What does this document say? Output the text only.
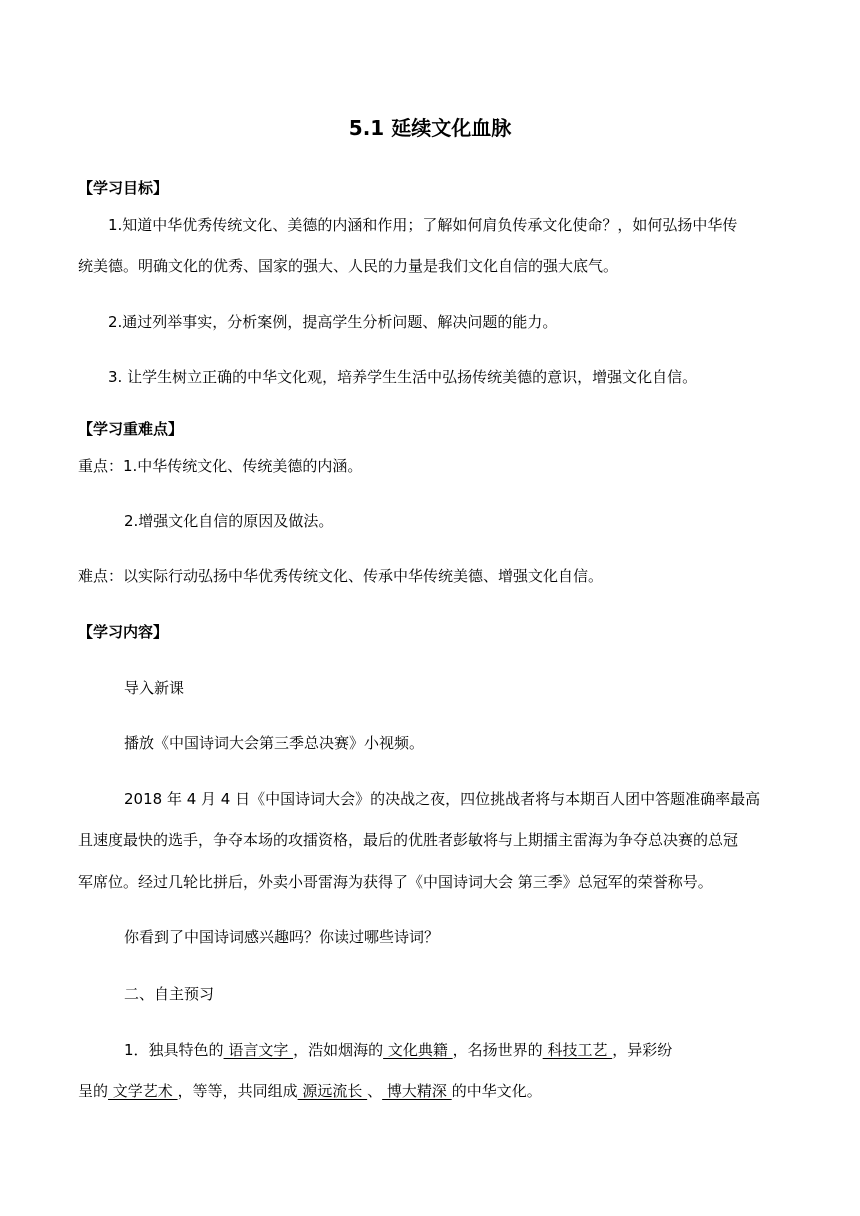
5.1 延续文化血脉
【学习目标】
1.知道中华优秀传统文化、美德的内涵和作用；了解如何肩负传承文化使命？，如何弘扬中华传
统美德。明确文化的优秀、国家的强大、人民的力量是我们文化自信的强大底气。
2.通过列举事实，分析案例，提高学生分析问题、解决问题的能力。
3. 让学生树立正确的中华文化观，培养学生生活中弘扬传统美德的意识，增强文化自信。
【学习重难点】
重点：1.中华传统文化、传统美德的内涵。
2.增强文化自信的原因及做法。
难点：以实际行动弘扬中华优秀传统文化、传承中华传统美德、增强文化自信。
【学习内容】
导入新课
播放《中国诗词大会第三季总决赛》小视频。
2018 年 4 月 4 日《中国诗词大会》的决战之夜，四位挑战者将与本期百人团中答题准确率最高
且速度最快的选手，争夺本场的攻擂资格，最后的优胜者彭敏将与上期擂主雷海为争夺总决赛的总冠
军席位。经过几轮比拼后，外卖小哥雷海为获得了《中国诗词大会 第三季》总冠军的荣誉称号。
你看到了中国诗词感兴趣吗？你读过哪些诗词？
二、自主预习
1．独具特色的 语言文字 ，浩如烟海的 文化典籍 ，名扬世界的 科技工艺 ，异彩纷
呈的 文学艺术 ，等等，共同组成 源远流长 、 博大精深 的中华文化。
